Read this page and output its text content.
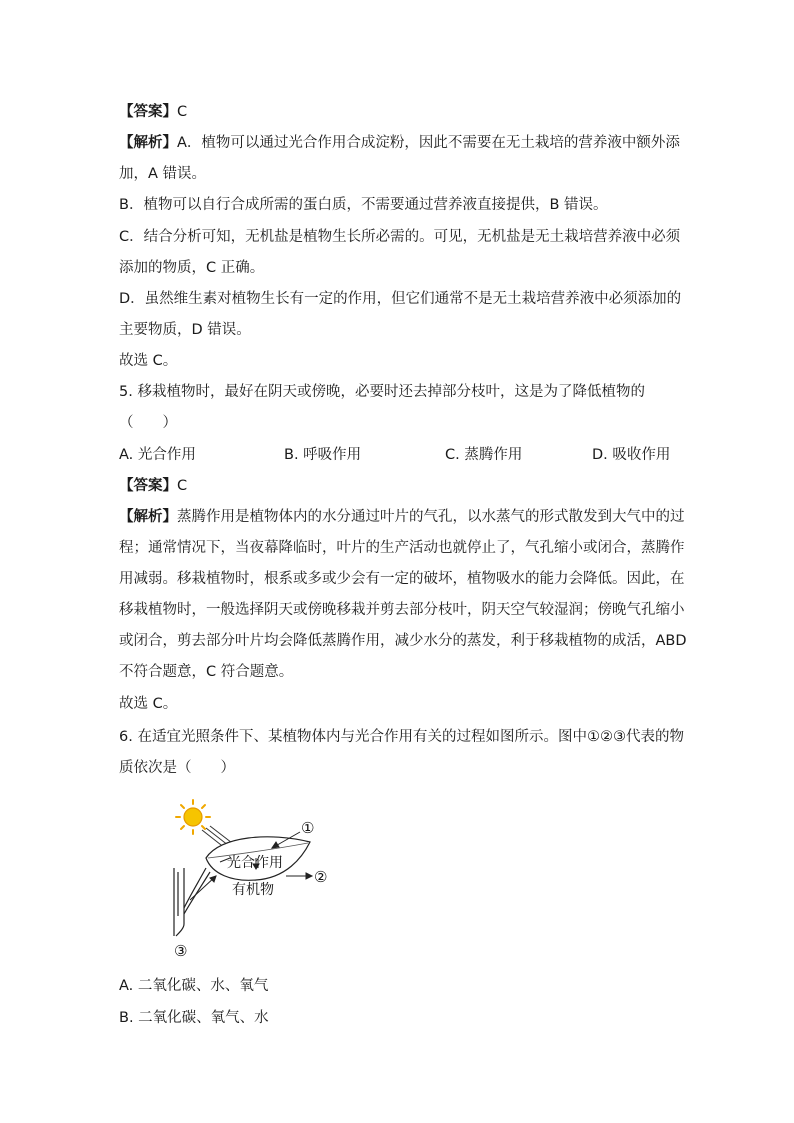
【答案】C
【解析】A．植物可以通过光合作用合成淀粉，因此不需要在无土栽培的营养液中额外添
加，A 错误。
B．植物可以自行合成所需的蛋白质，不需要通过营养液直接提供，B 错误。
C．结合分析可知，无机盐是植物生长所必需的。可见，无机盐是无土栽培营养液中必须
添加的物质，C 正确。
D．虽然维生素对植物生长有一定的作用，但它们通常不是无土栽培营养液中必须添加的
主要物质，D 错误。
故选 C。
5. 移栽植物时，最好在阴天或傍晚，必要时还去掉部分枝叶，这是为了降低植物的
（　　）
A. 光合作用	B. 呼吸作用	C. 蒸腾作用	D. 吸收作用
【答案】C
【解析】蒸腾作用是植物体内的水分通过叶片的气孔，以水蒸气的形式散发到大气中的过
程；通常情况下，当夜幕降临时，叶片的生产活动也就停止了，气孔缩小或闭合，蒸腾作
用减弱。移栽植物时，根系或多或少会有一定的破坏，植物吸水的能力会降低。因此，在
移栽植物时，一般选择阴天或傍晚移栽并剪去部分枝叶，阴天空气较湿润；傍晚气孔缩小
或闭合，剪去部分叶片均会降低蒸腾作用，减少水分的蒸发，利于移栽植物的成活，ABD
不符合题意，C 符合题意。
故选 C。
6. 在适宜光照条件下、某植物体内与光合作用有关的过程如图所示。图中①②③代表的物
质依次是（　　）
光合作用
有机物
①
②
③
A. 二氧化碳、水、氧气
B. 二氧化碳、氧气、水
